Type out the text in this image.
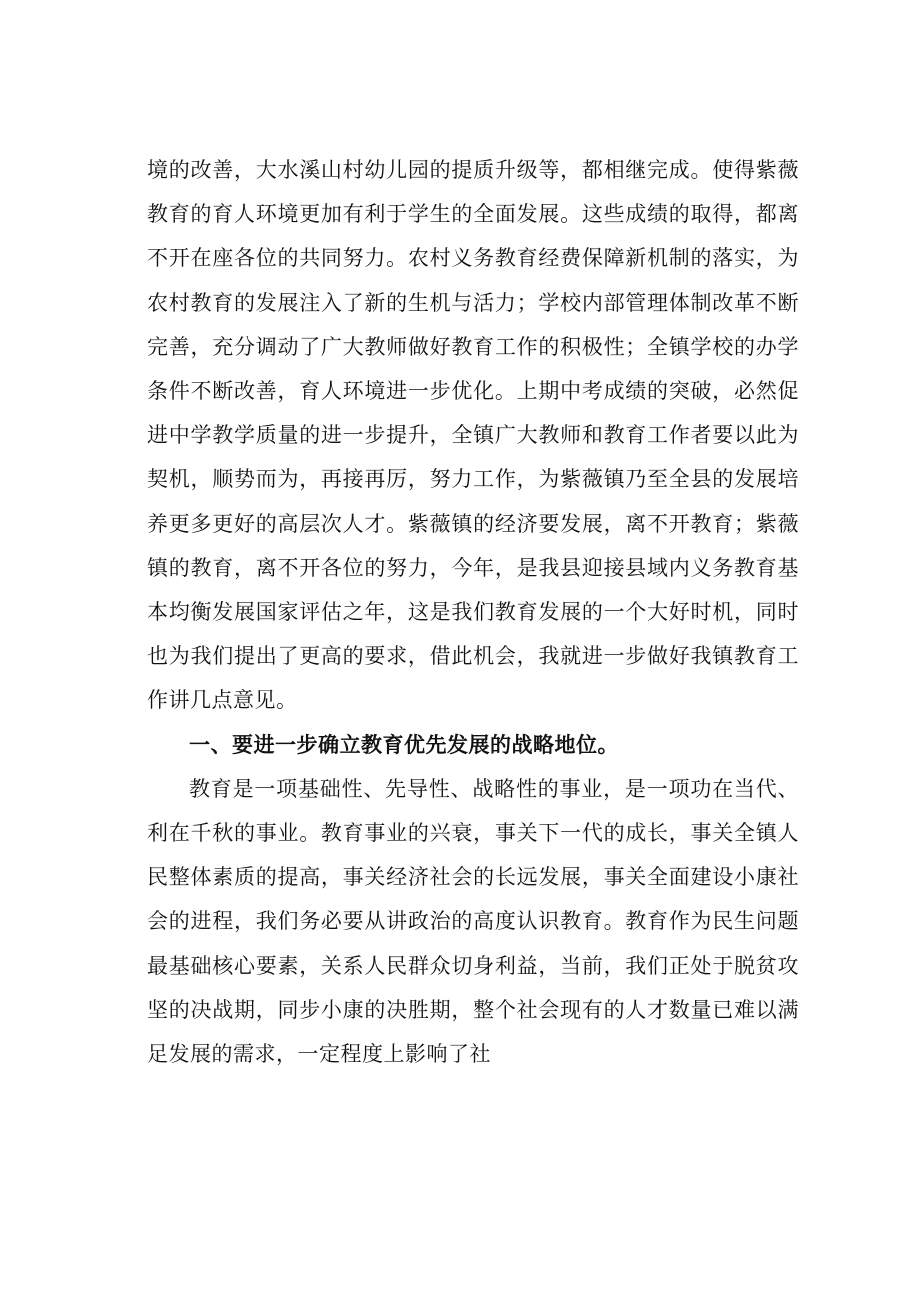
境的改善，大水溪山村幼儿园的提质升级等，都相继完成。使得紫薇教育的育人环境更加有利于学生的全面发展。这些成绩的取得，都离不开在座各位的共同努力。农村义务教育经费保障新机制的落实，为农村教育的发展注入了新的生机与活力；学校内部管理体制改革不断完善，充分调动了广大教师做好教育工作的积极性；全镇学校的办学条件不断改善，育人环境进一步优化。上期中考成绩的突破，必然促进中学教学质量的进一步提升，全镇广大教师和教育工作者要以此为契机，顺势而为，再接再厉，努力工作，为紫薇镇乃至全县的发展培养更多更好的高层次人才。紫薇镇的经济要发展，离不开教育；紫薇镇的教育，离不开各位的努力，今年，是我县迎接县域内义务教育基本均衡发展国家评估之年，这是我们教育发展的一个大好时机，同时也为我们提出了更高的要求，借此机会，我就进一步做好我镇教育工作讲几点意见。

一、要进一步确立教育优先发展的战略地位。

教育是一项基础性、先导性、战略性的事业，是一项功在当代、利在千秋的事业。教育事业的兴衰，事关下一代的成长，事关全镇人民整体素质的提高，事关经济社会的长远发展，事关全面建设小康社会的进程，我们务必要从讲政治的高度认识教育。教育作为民生问题最基础核心要素，关系人民群众切身利益，当前，我们正处于脱贫攻坚的决战期，同步小康的决胜期，整个社会现有的人才数量已难以满足发展的需求，一定程度上影响了社
